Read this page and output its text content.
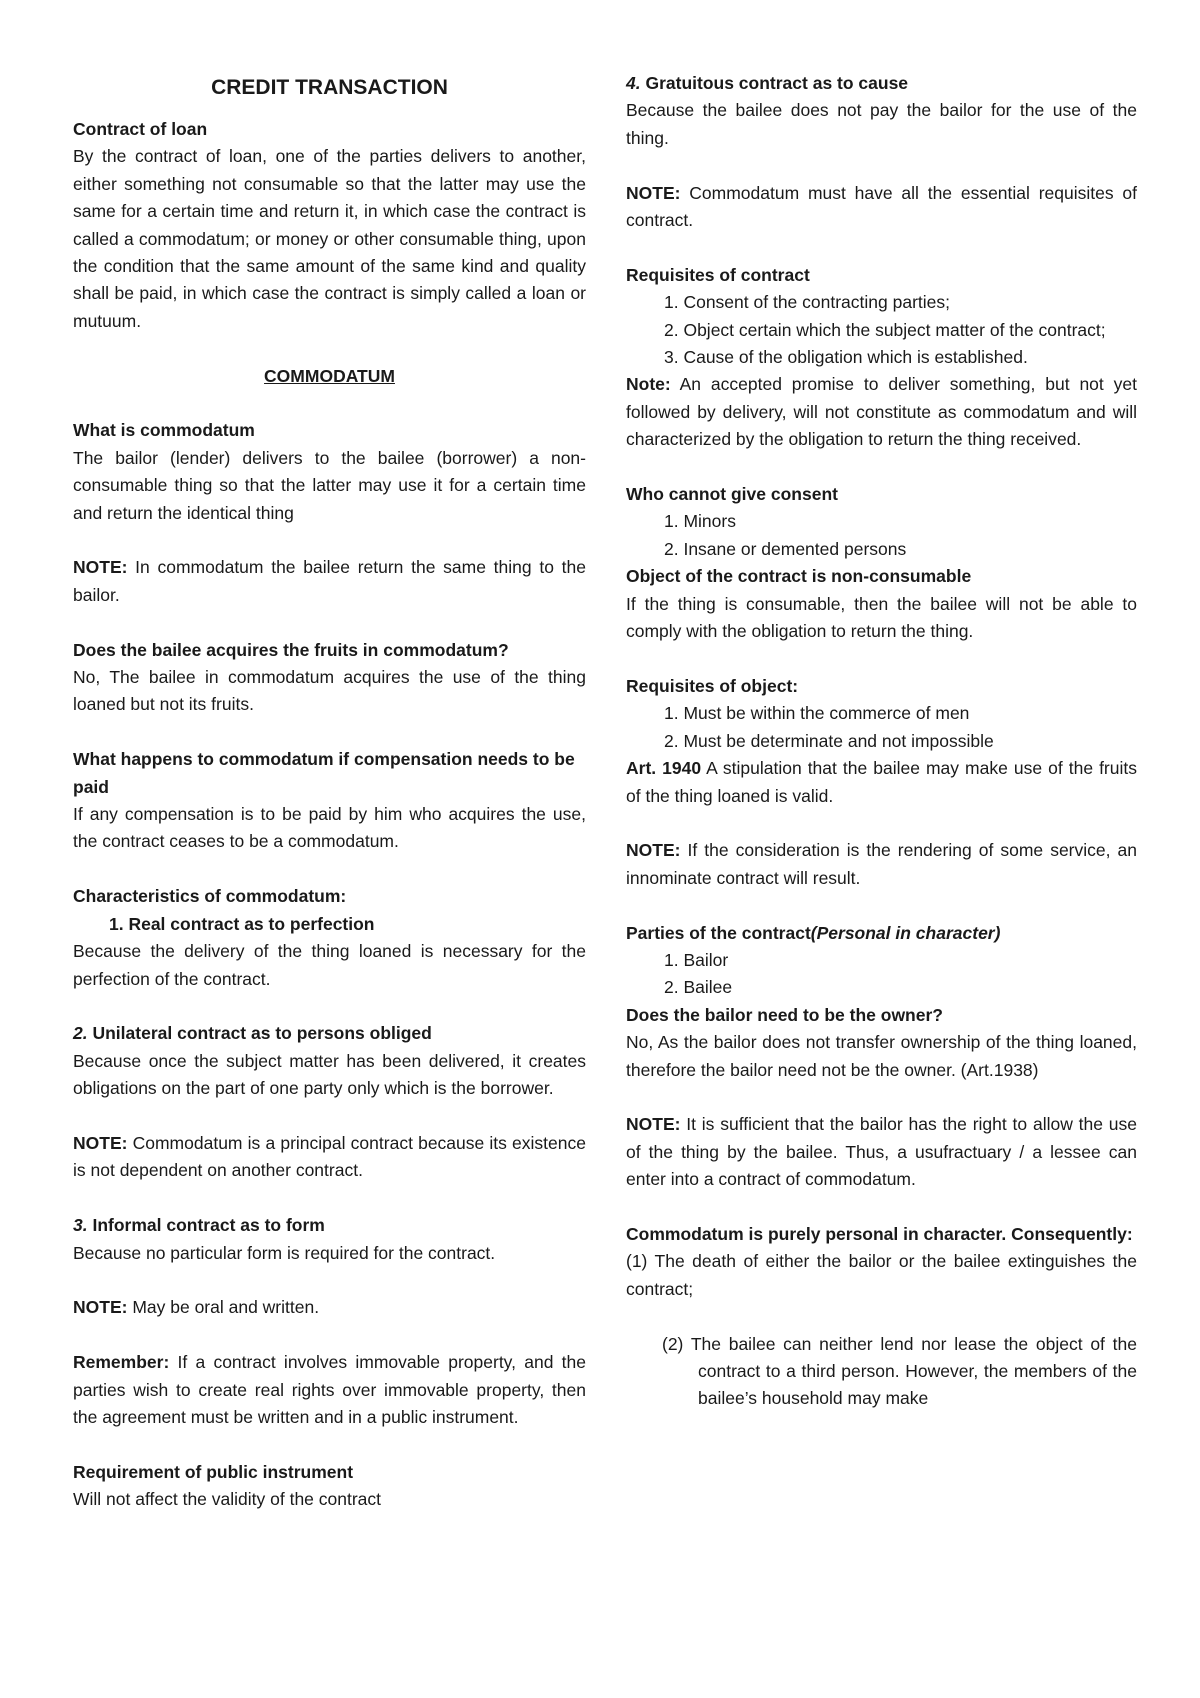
CREDIT TRANSACTION
Contract of loan
By the contract of loan, one of the parties delivers to another, either something not consumable so that the latter may use the same for a certain time and return it, in which case the contract is called a commodatum; or money or other consumable thing, upon the condition that the same amount of the same kind and quality shall be paid, in which case the contract is simply called a loan or mutuum.
COMMODATUM
What is commodatum
The bailor (lender) delivers to the bailee (borrower) a non-consumable thing so that the latter may use it for a certain time and return the identical thing
NOTE: In commodatum the bailee return the same thing to the bailor.
Does the bailee acquires the fruits in commodatum?
No, The bailee in commodatum acquires the use of the thing loaned but not its fruits.
What happens to commodatum if compensation needs to be paid
If any compensation is to be paid by him who acquires the use, the contract ceases to be a commodatum.
Characteristics of commodatum:
1. Real contract as to perfection
Because the delivery of the thing loaned is necessary for the perfection of the contract.
2. Unilateral contract as to persons obliged
Because once the subject matter has been delivered, it creates obligations on the part of one party only which is the borrower.
NOTE: Commodatum is a principal contract because its existence is not dependent on another contract.
3. Informal contract as to form
Because no particular form is required for the contract.
NOTE: May be oral and written.
Remember: If a contract involves immovable property, and the parties wish to create real rights over immovable property, then the agreement must be written and in a public instrument.
Requirement of public instrument
Will not affect the validity of the contract
4. Gratuitous contract as to cause
Because the bailee does not pay the bailor for the use of the thing.
NOTE: Commodatum must have all the essential requisites of contract.
Requisites of contract
1. Consent of the contracting parties;
2. Object certain which the subject matter of the contract;
3. Cause of the obligation which is established.
Note: An accepted promise to deliver something, but not yet followed by delivery, will not constitute as commodatum and will characterized by the obligation to return the thing received.
Who cannot give consent
1. Minors
2. Insane or demented persons
Object of the contract is non-consumable
If the thing is consumable, then the bailee will not be able to comply with the obligation to return the thing.
Requisites of object:
1. Must be within the commerce of men
2. Must be determinate and not impossible
Art. 1940 A stipulation that the bailee may make use of the fruits of the thing loaned is valid.
NOTE: If the consideration is the rendering of some service, an innominate contract will result.
Parties of the contract(Personal in character)
1. Bailor
2. Bailee
Does the bailor need to be the owner?
No, As the bailor does not transfer ownership of the thing loaned, therefore the bailor need not be the owner. (Art.1938)
NOTE: It is sufficient that the bailor has the right to allow the use of the thing by the bailee. Thus, a usufractuary / a lessee can enter into a contract of commodatum.
Commodatum is purely personal in character. Consequently:
(1) The death of either the bailor or the bailee extinguishes the contract;
(2) The bailee can neither lend nor lease the object of the contract to a third person. However, the members of the bailee’s household may make
